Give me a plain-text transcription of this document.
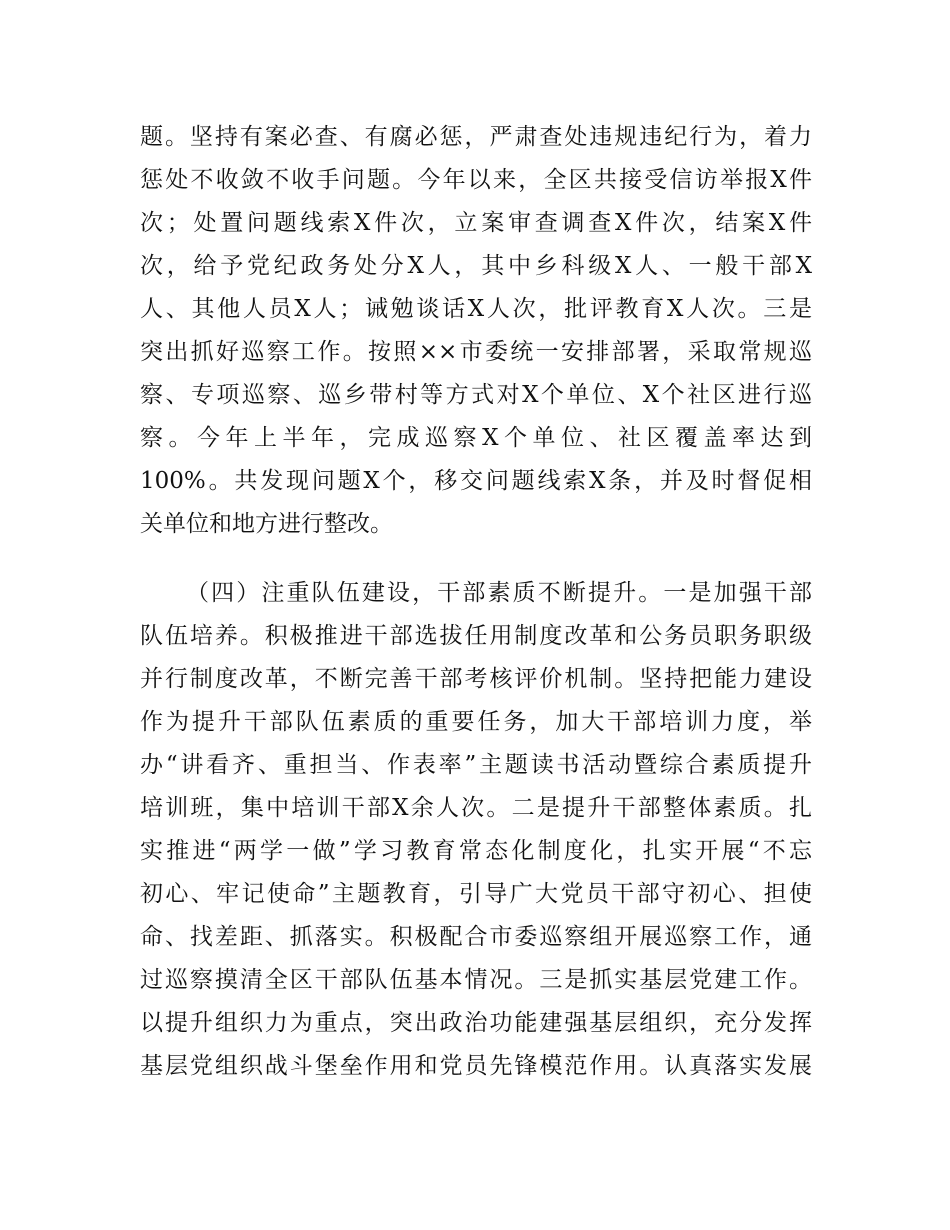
题。坚持有案必查、有腐必惩，严肃查处违规违纪行为，着力
惩处不收敛不收手问题。今年以来，全区共接受信访举报X件
次；处置问题线索X件次，立案审查调查X件次，结案X件
次，给予党纪政务处分X人，其中乡科级X人、一般干部X
人、其他人员X人；诫勉谈话X人次，批评教育X人次。三是
突出抓好巡察工作。按照××市委统一安排部署，采取常规巡
察、专项巡察、巡乡带村等方式对X个单位、X个社区进行巡
察。今年上半年，完成巡察X个单位、社区覆盖率达到
100%。共发现问题X个，移交问题线索X条，并及时督促相
关单位和地方进行整改。
（四）注重队伍建设，干部素质不断提升。一是加强干部
队伍培养。积极推进干部选拔任用制度改革和公务员职务职级
并行制度改革，不断完善干部考核评价机制。坚持把能力建设
作为提升干部队伍素质的重要任务，加大干部培训力度，举
办“讲看齐、重担当、作表率”主题读书活动暨综合素质提升
培训班，集中培训干部X余人次。二是提升干部整体素质。扎
实推进“两学一做”学习教育常态化制度化，扎实开展“不忘
初心、牢记使命”主题教育，引导广大党员干部守初心、担使
命、找差距、抓落实。积极配合市委巡察组开展巡察工作，通
过巡察摸清全区干部队伍基本情况。三是抓实基层党建工作。
以提升组织力为重点，突出政治功能建强基层组织，充分发挥
基层党组织战斗堡垒作用和党员先锋模范作用。认真落实发展
